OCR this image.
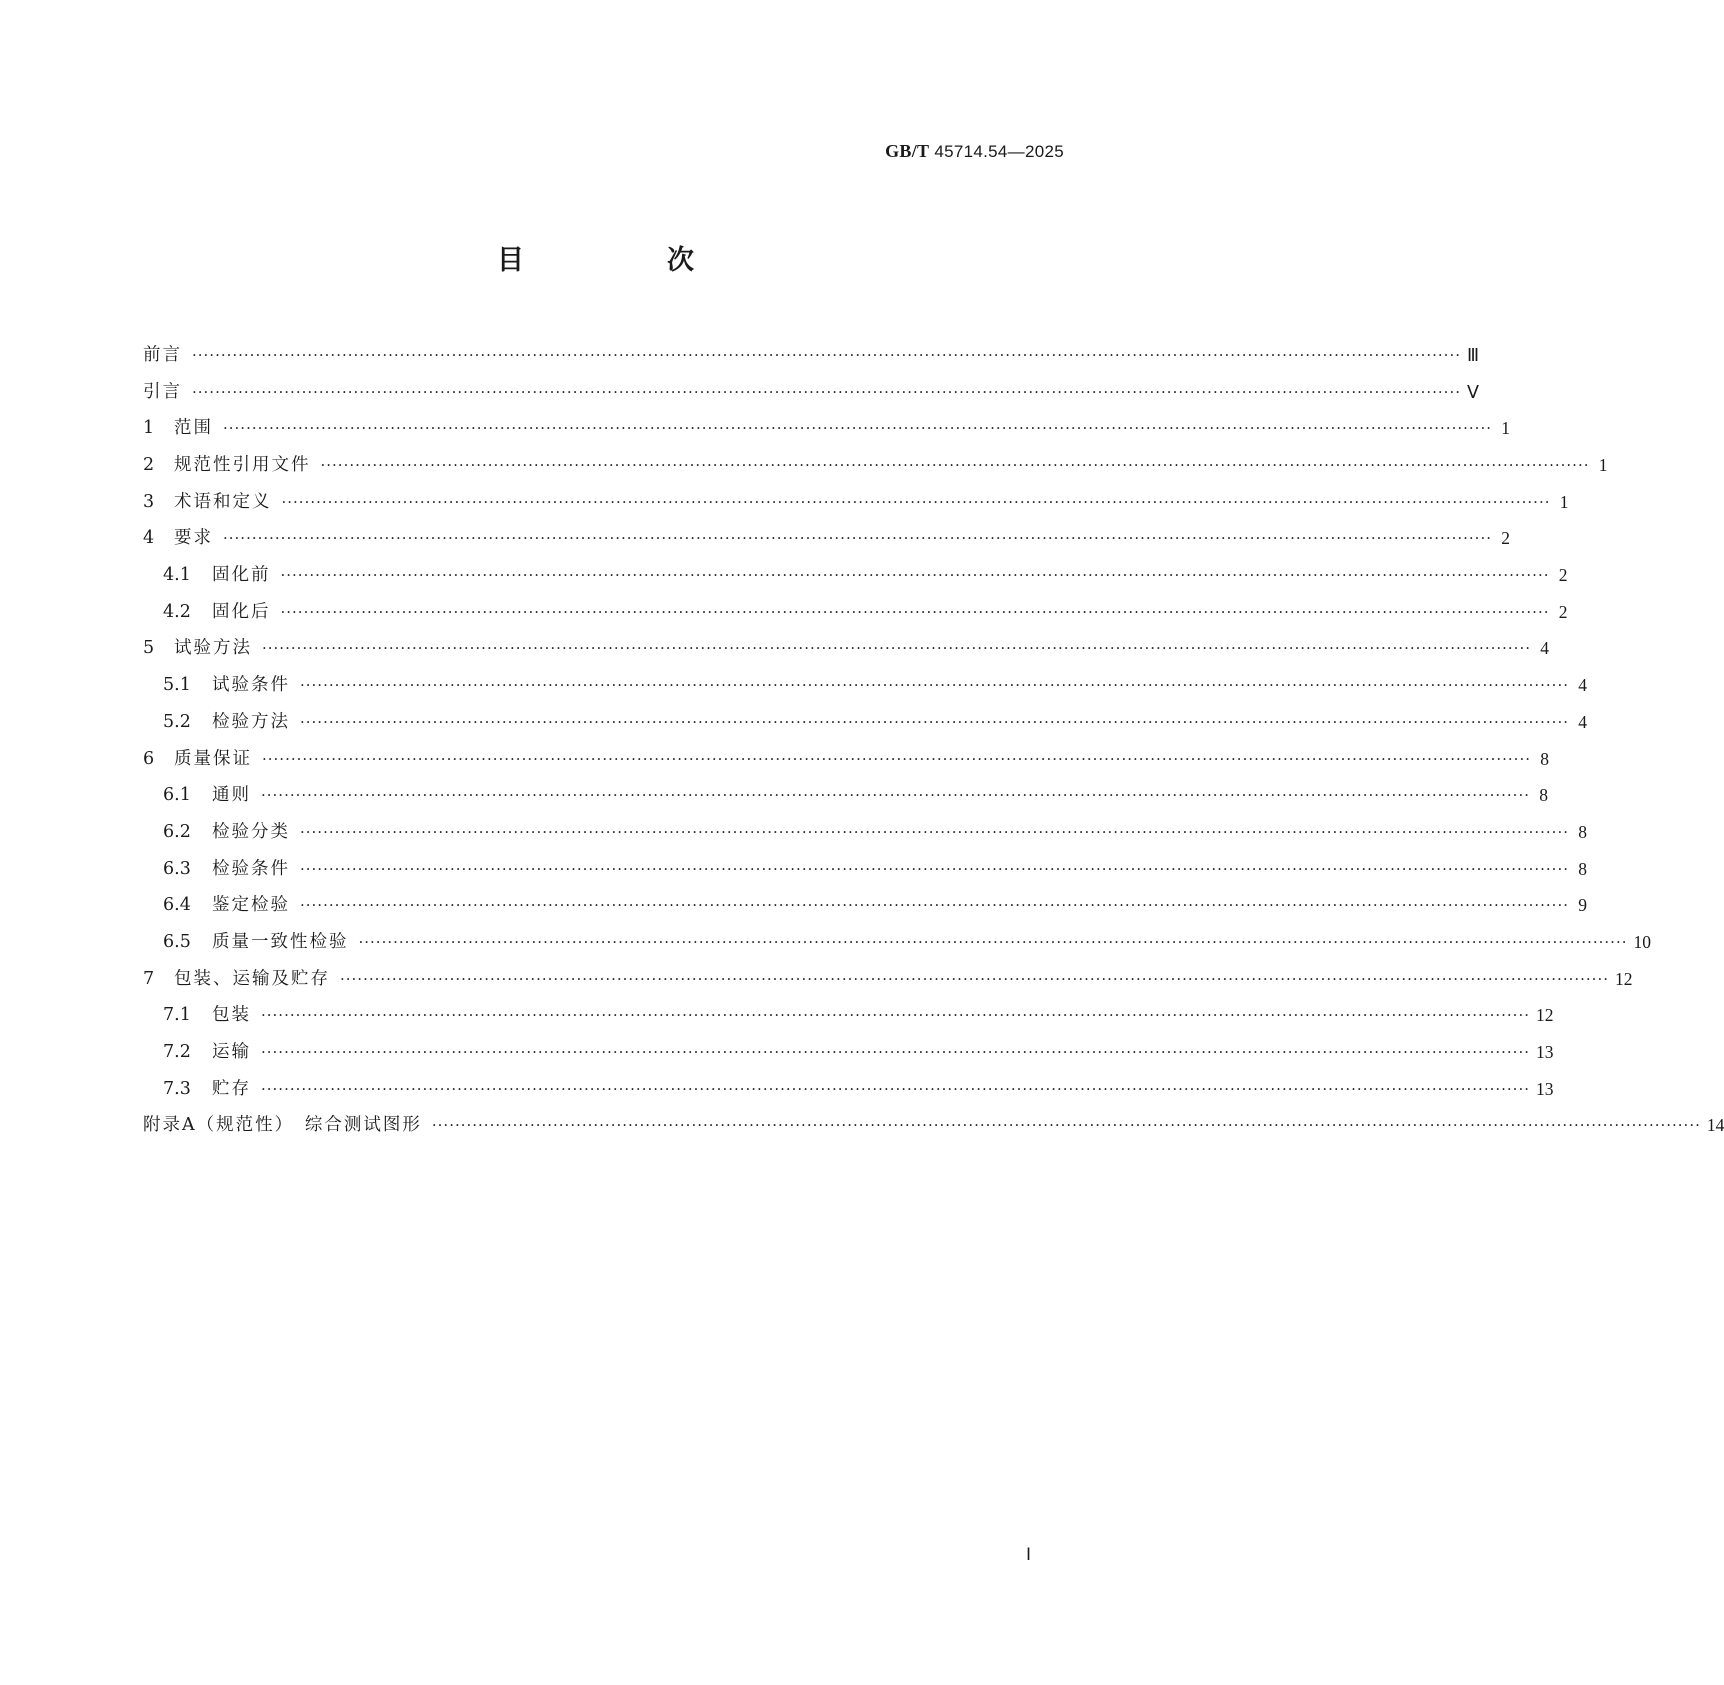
GB/T 45714.54—2025
目　次
前言 ···························································································································································································································· Ⅲ
引言 ···························································································································································································································· Ⅴ
1	范围 ···························································································································································································································· 1
2	规范性引用文件 ···························································································································································································································· 1
3	术语和定义 ···························································································································································································································· 1
4	要求 ···························································································································································································································· 2
4.1	固化前 ···························································································································································································································· 2
4.2	固化后 ···························································································································································································································· 2
5	试验方法 ···························································································································································································································· 4
5.1	试验条件 ···························································································································································································································· 4
5.2	检验方法 ···························································································································································································································· 4
6	质量保证 ···························································································································································································································· 8
6.1	通则 ···························································································································································································································· 8
6.2	检验分类 ···························································································································································································································· 8
6.3	检验条件 ···························································································································································································································· 8
6.4	鉴定检验 ···························································································································································································································· 9
6.5	质量一致性检验 ···························································································································································································································· 10
7	包装、运输及贮存 ···························································································································································································································· 12
7.1	包装 ···························································································································································································································· 12
7.2	运输 ···························································································································································································································· 13
7.3	贮存 ···························································································································································································································· 13
附录A（规范性）　综合测试图形 ···························································································································································································································· 14
Ⅰ
